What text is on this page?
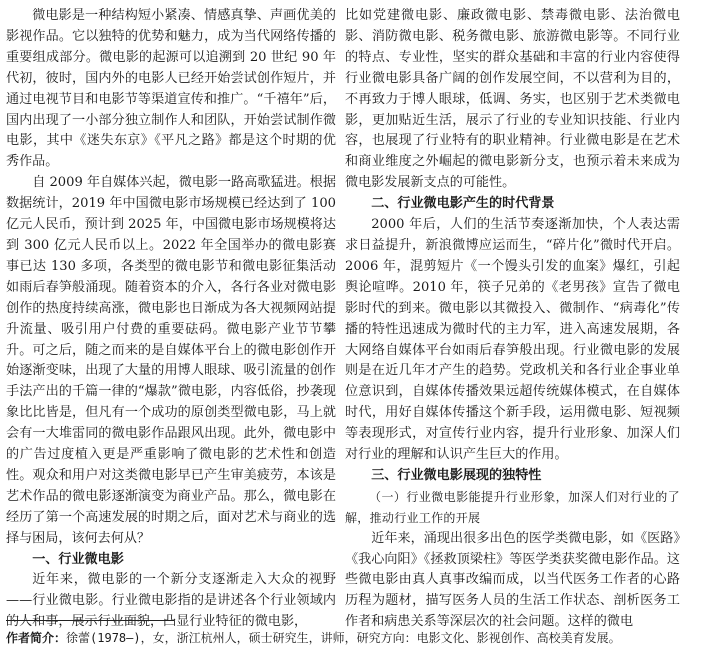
微电影是一种结构短小紧凑、情感真挚、声画优美的影视作品。它以独特的优势和魅力，成为当代网络传播的重要组成部分。微电影的起源可以追溯到 20 世纪 90 年代初，彼时，国内外的电影人已经开始尝试创作短片，并通过电视节目和电影节等渠道宣传和推广。“千禧年”后，国内出现了一小部分独立制作人和团队，开始尝试制作微电影，其中《迷失东京》《平凡之路》都是这个时期的优秀作品。

自 2009 年自媒体兴起，微电影一路高歌猛进。根据数据统计，2019 年中国微电影市场规模已经达到了 100 亿元人民币，预计到 2025 年，中国微电影市场规模将达到 300 亿元人民币以上。2022 年全国举办的微电影赛事已达 130 多项，各类型的微电影节和微电影征集活动如雨后春笋般涌现。随着资本的介入，各行各业对微电影创作的热度持续高涨，微电影也日渐成为各大视频网站提升流量、吸引用户付费的重要砝码。微电影产业节节攀升。可之后，随之而来的是自媒体平台上的微电影创作开始逐渐变味，出现了大量的用博人眼球、吸引流量的创作手法产出的千篇一律的“爆款”微电影，内容低俗，抄袭现象比比皆是，但凡有一个成功的原创类型微电影，马上就会有一大堆雷同的微电影作品跟风出现。此外，微电影中的广告过度植入更是严重影响了微电影的艺术性和创造性。观众和用户对这类微电影早已产生审美疲劳，本该是艺术作品的微电影逐渐演变为商业产品。那么，微电影在经历了第一个高速发展的时期之后，面对艺术与商业的选择与困局，该何去何从？

一、行业微电影

近年来，微电影的一个新分支逐渐走入大众的视野——行业微电影。行业微电影指的是讲述各个行业领域内的人和事，展示行业面貌，凸显行业特征的微电影，

比如党建微电影、廉政微电影、禁毒微电影、法治微电影、消防微电影、税务微电影、旅游微电影等。不同行业的特点、专业性，坚实的群众基础和丰富的行业内容使得行业微电影具备广阔的创作发展空间，不以营利为目的，不再致力于博人眼球，低调、务实，也区别于艺术类微电影，更加贴近生活，展示了行业的专业知识技能、行业内容，也展现了行业特有的职业精神。行业微电影是在艺术和商业维度之外崛起的微电影新分支，也预示着未来成为微电影发展新支点的可能性。

二、行业微电影产生的时代背景

2000 年后，人们的生活节奏逐渐加快，个人表达需求日益提升，新浪微博应运而生，“碎片化”微时代开启。2006 年，混剪短片《一个馒头引发的血案》爆红，引起舆论喧哗。2010 年，筷子兄弟的《老男孩》宣告了微电影时代的到来。微电影以其微投入、微制作、“病毒化”传播的特性迅速成为微时代的主力军，进入高速发展期，各大网络自媒体平台如雨后春笋般出现。行业微电影的发展则是在近几年才产生的趋势。党政机关和各行业企事业单位意识到，自媒体传播效果远超传统媒体模式，在自媒体时代，用好自媒体传播这个新手段，运用微电影、短视频等表现形式，对宣传行业内容，提升行业形象、加深人们对行业的理解和认识产生巨大的作用。

三、行业微电影展现的独特性
（一）行业微电影能提升行业形象，加深人们对行业的了解，推动行业工作的开展

近年来，涌现出很多出色的医学类微电影，如《医路》《我心向阳》《拯救顶梁柱》等医学类获奖微电影作品。这些微电影由真人真事改编而成，以当代医务工作者的心路历程为题材，描写医务人员的生活工作状态、剖析医务工作者和病患关系等深层次的社会问题。这样的微电

作者简介：徐蕾(1978—)，女，浙江杭州人，硕士研究生，讲师，研究方向：电影文化、影视创作、高校美育发展。
